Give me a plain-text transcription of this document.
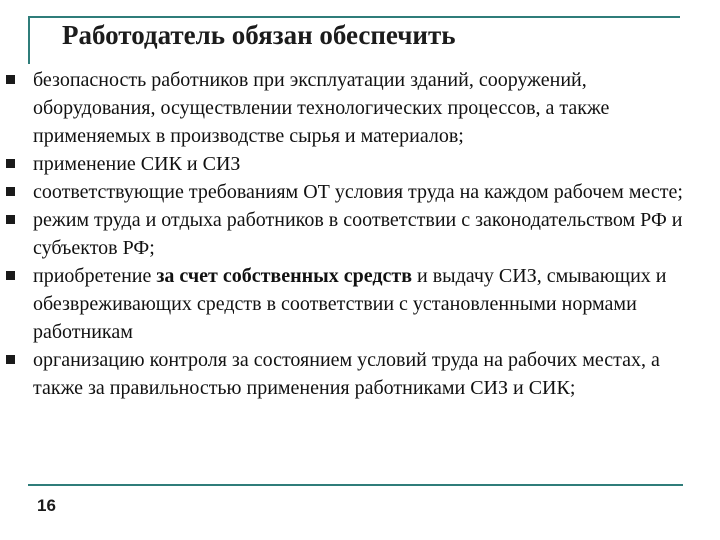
Работодатель обязан обеспечить
безопасность работников при эксплуатации зданий, сооружений, оборудования, осуществлении технологических процессов, а также применяемых в производстве сырья и материалов;
применение СИК и СИЗ
соответствующие требованиям ОТ условия труда на каждом рабочем месте;
режим труда и отдыха работников в соответствии с законодательством РФ и субъектов РФ;
приобретение за счет собственных средств и выдачу СИЗ, смывающих и обезвреживающих средств в соответствии с установленными нормами работникам
организацию контроля за состоянием условий труда на рабочих местах, а также за правильностью применения работниками СИЗ и СИК;
16
